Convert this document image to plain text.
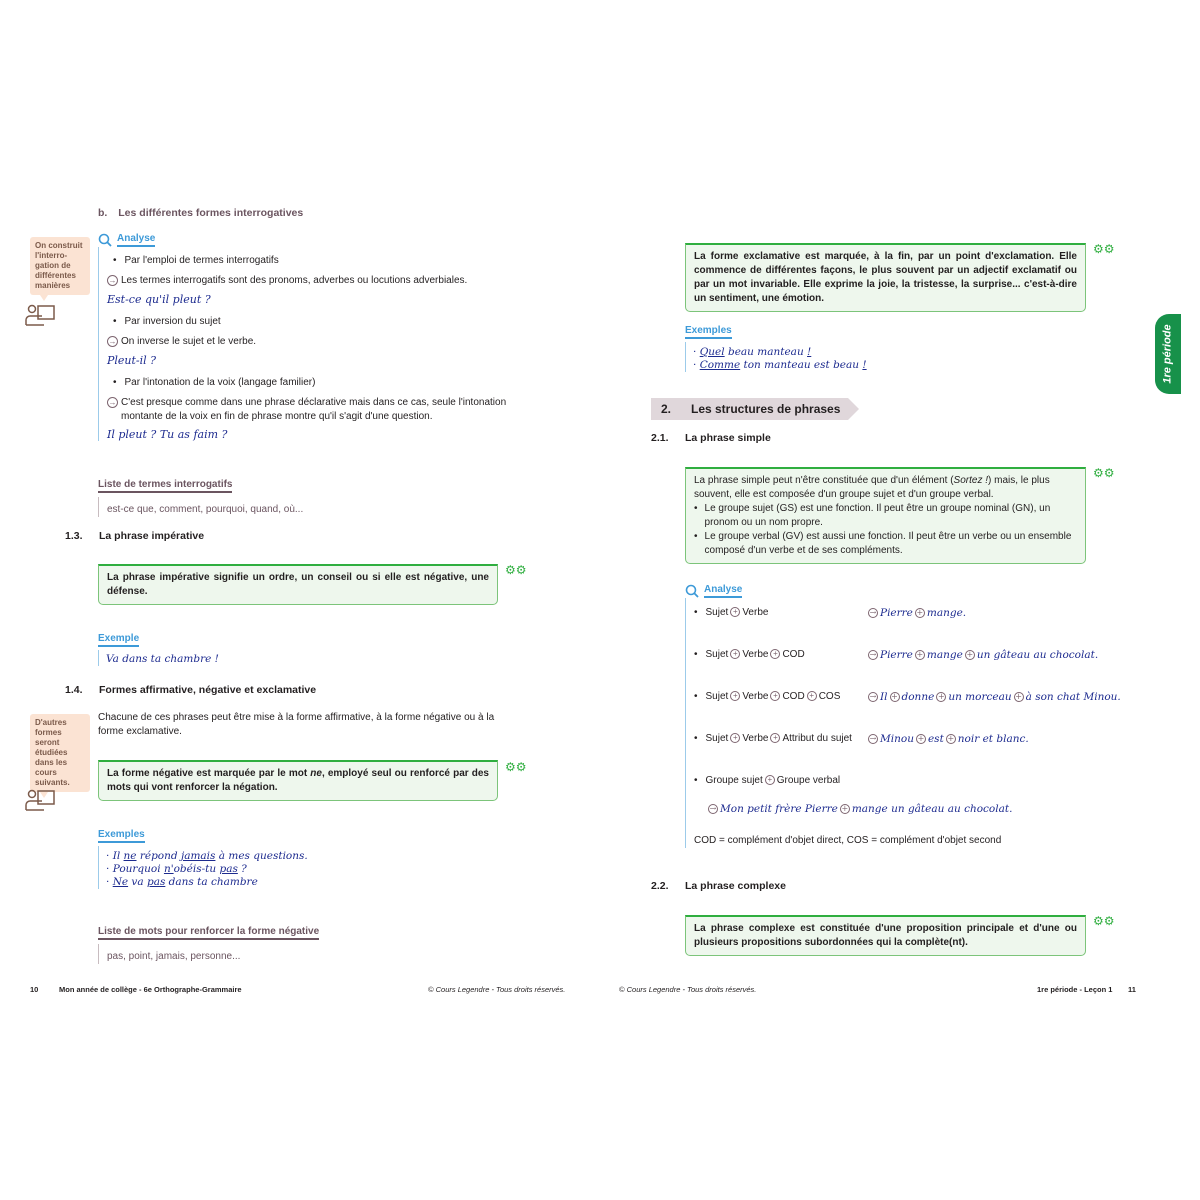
b. Les différentes formes interrogatives
On construit l'interro-gation de différentes manières
Analyse
• Par l'emploi de termes interrogatifs
→ Les termes interrogatifs sont des pronoms, adverbes ou locutions adverbiales.
Est-ce qu'il pleut ?
• Par inversion du sujet
→ On inverse le sujet et le verbe.
Pleut-il ?
• Par l'intonation de la voix (langage familier)
→ C'est presque comme dans une phrase déclarative mais dans ce cas, seule l'intonation montante de la voix en fin de phrase montre qu'il s'agit d'une question.
Il pleut ? Tu as faim ?
Liste de termes interrogatifs
est-ce que, comment, pourquoi, quand, où...
1.3.	La phrase impérative
La phrase impérative signifie un ordre, un conseil ou si elle est négative, une défense.
⚙⚙
Exemple
Va dans ta chambre !
1.4.	Formes affirmative, négative et exclamative
D'autres formes seront étudiées dans les cours suivants.
Chacune de ces phrases peut être mise à la forme affirmative, à la forme négative ou à la forme exclamative.
La forme négative est marquée par le mot ne, employé seul ou renforcé par des mots qui vont renforcer la négation.
⚙⚙
Exemples
· Il ne répond jamais à mes questions.
· Pourquoi n'obéis-tu pas ?
· Ne va pas dans ta chambre
Liste de mots pour renforcer la forme négative
pas, point, jamais, personne...
10	Mon année de collège - 6e Orthographe-Grammaire	© Cours Legendre - Tous droits réservés.
La forme exclamative est marquée, à la fin, par un point d'exclamation. Elle commence de différentes façons, le plus souvent par un adjectif exclamatif ou par un mot invariable. Elle exprime la joie, la tristesse, la surprise... c'est-à-dire un sentiment, une émotion.
⚙⚙
Exemples
· Quel beau manteau !
· Comme ton manteau est beau !	1re période
2.	Les structures de phrases
2.1.	La phrase simple
La phrase simple peut n'être constituée que d'un élément (Sortez !) mais, le plus souvent, elle est composée d'un groupe sujet et d'un groupe verbal.
• Le groupe sujet (GS) est une fonction. Il peut être un groupe nominal (GN), un pronom ou un nom propre.
• Le groupe verbal (GV) est aussi une fonction. Il peut être un verbe ou un ensemble composé d'un verbe et de ses compléments.
⚙⚙
Analyse
• Sujet + Verbe	→ Pierre + mange.
• Sujet + Verbe + COD	→ Pierre + mange + un gâteau au chocolat.
• Sujet + Verbe + COD + COS	→ Il + donne + un morceau + à son chat Minou.
• Sujet + Verbe + Attribut du sujet	→ Minou + est + noir et blanc.
• Groupe sujet + Groupe verbal
→ Mon petit frère Pierre + mange un gâteau au chocolat.
COD = complément d'objet direct, COS = complément d'objet second
2.2.	La phrase complexe
La phrase complexe est constituée d'une proposition principale et d'une ou plusieurs propositions subordonnées qui la complète(nt).
⚙⚙
© Cours Legendre - Tous droits réservés.	1re période - Leçon 1 11
